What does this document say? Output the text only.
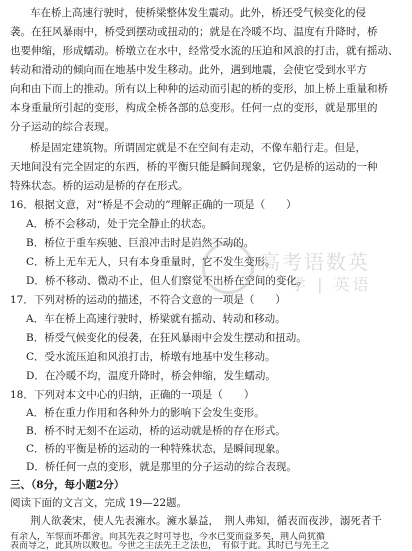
车在桥上高速行驶时，使桥梁整体发生震动。此外，桥还受气候变化的侵
袭。在狂风暴雨中，桥受到摆动或扭动的；就是在冷暖不均、温度有升降时，桥
也要伸缩，形成蠕动。桥墩立在水中，经常受水流的压迫和风浪的打击，就有摇动、
转动和滑动的倾向而在地基中发生移动。此外，遇到地震，会使它受到水平方
向和由下而上的推动。所有以上种种的运动而引起的桥的变形，加上桥上重量和桥
本身重量所引起的变形，构成全桥各部的总变形。任何一点的变形，就是那里的
分子运动的综合表现。
桥是固定建筑物。所谓固定就是不在空间有走动，不像车船行走。但是，
天地间没有完全固定的东西，桥的平衡只能是瞬间现象，它仍是桥的运动的一种
特殊状态。桥的运动是桥的存在形式。
16．根据文意，对“桥是不会动的”理解正确的一项是（　　）
A．桥不会移动，处于完全静止的状态。
B．桥位于重车疾驰、巨浪冲击时是岿然不动的。
C．桥上无车无人，只有本身重量时，它不发生变形。
D．桥不移动、微动不止，但人们察觉不出桥在空间的变化。
17．下列对桥的运动的描述，不符合文意的一项是（　　）
A．车在桥上高速行驶时，桥梁就有摇动、转动和移动。
B．桥受气候变化的侵袭，在狂风暴雨中会发生摆动和扭动。
C．受水流压迫和风浪打击，桥墩有地基中发生移动。
D．在冷暖不均，温度升降时，桥会伸缩，发生蠕动。
18．下列对本文中心的归纳，正确的一项是（　　）
A．桥在重力作用和各种外力的影响下会发生变形。
B．桥不时无刻不在运动，桥的运动就是桥的存在形式。
C．桥的平衡是桥的运动的一种特殊状态，是瞬间现象。
D．桥任何一点的变形，就是那里的分子运动的综合表现。
三、（8分，每小题2分）
阅读下面的文言文，完成 19—22题。
荆人欲袭宋，使人先表澭水。澭水暴益，　荆人弗知，循表而夜涉，溺死者千
有余人，军惊而坏都舍。向其先表之时可导也，今水已变而益多矣，荆人尚犹循
表而导之，此其所以败也。今世之主法先王之法也，　有似于此。其时已与先王之
高考语数英
学 | 英语
